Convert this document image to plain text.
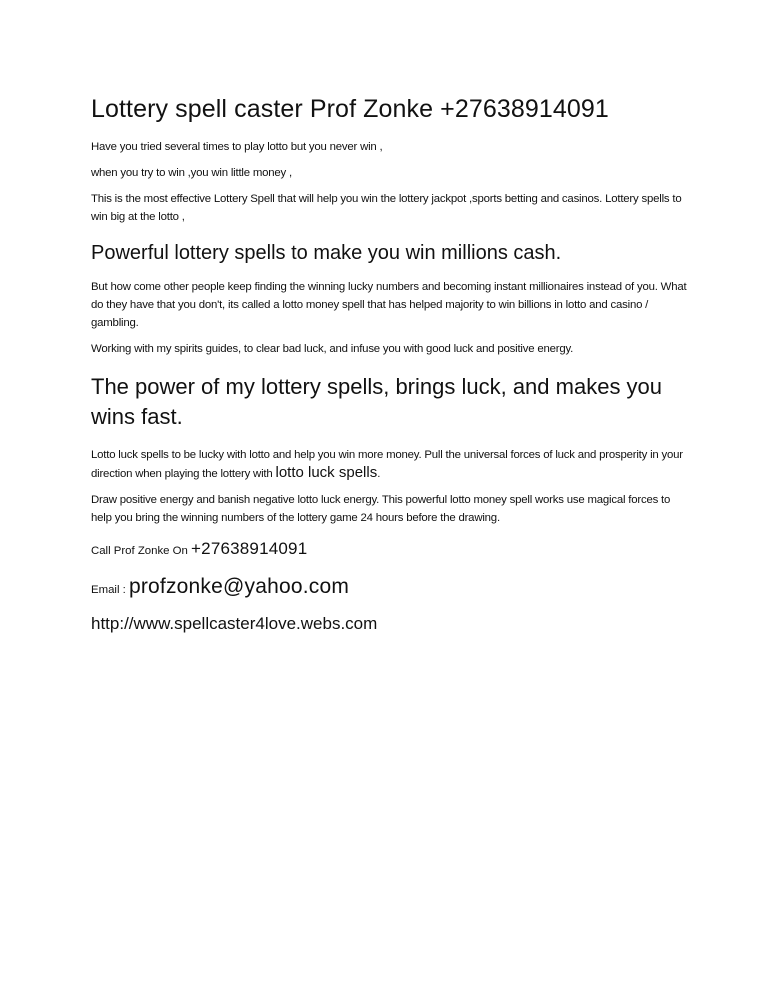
Lottery spell caster Prof Zonke +27638914091

Have you tried several times to play lotto but you never win ,

when you try to win ,you win little money ,

This is the most effective Lottery Spell that will help you win the lottery jackpot ,sports betting and casinos. Lottery spells to win big at the lotto ,

Powerful lottery spells to make you win millions cash.

But how come other people keep finding the winning lucky numbers and becoming instant millionaires instead of you. What do they have that you don't, its called a lotto money spell that has helped majority to win billions in lotto and casino / gambling.

Working with my spirits guides, to clear bad luck, and infuse you with good luck and positive energy.

The power of my lottery spells, brings luck, and makes you wins fast.

Lotto luck spells to be lucky with lotto and help you win more money. Pull the universal forces of luck and prosperity in your direction when playing the lottery with lotto luck spells.

Draw positive energy and banish negative lotto luck energy. This powerful lotto money spell works use magical forces to help you bring the winning numbers of the lottery game 24 hours before the drawing.

Call Prof Zonke On +27638914091
Email : profzonke@yahoo.com
http://www.spellcaster4love.webs.com
